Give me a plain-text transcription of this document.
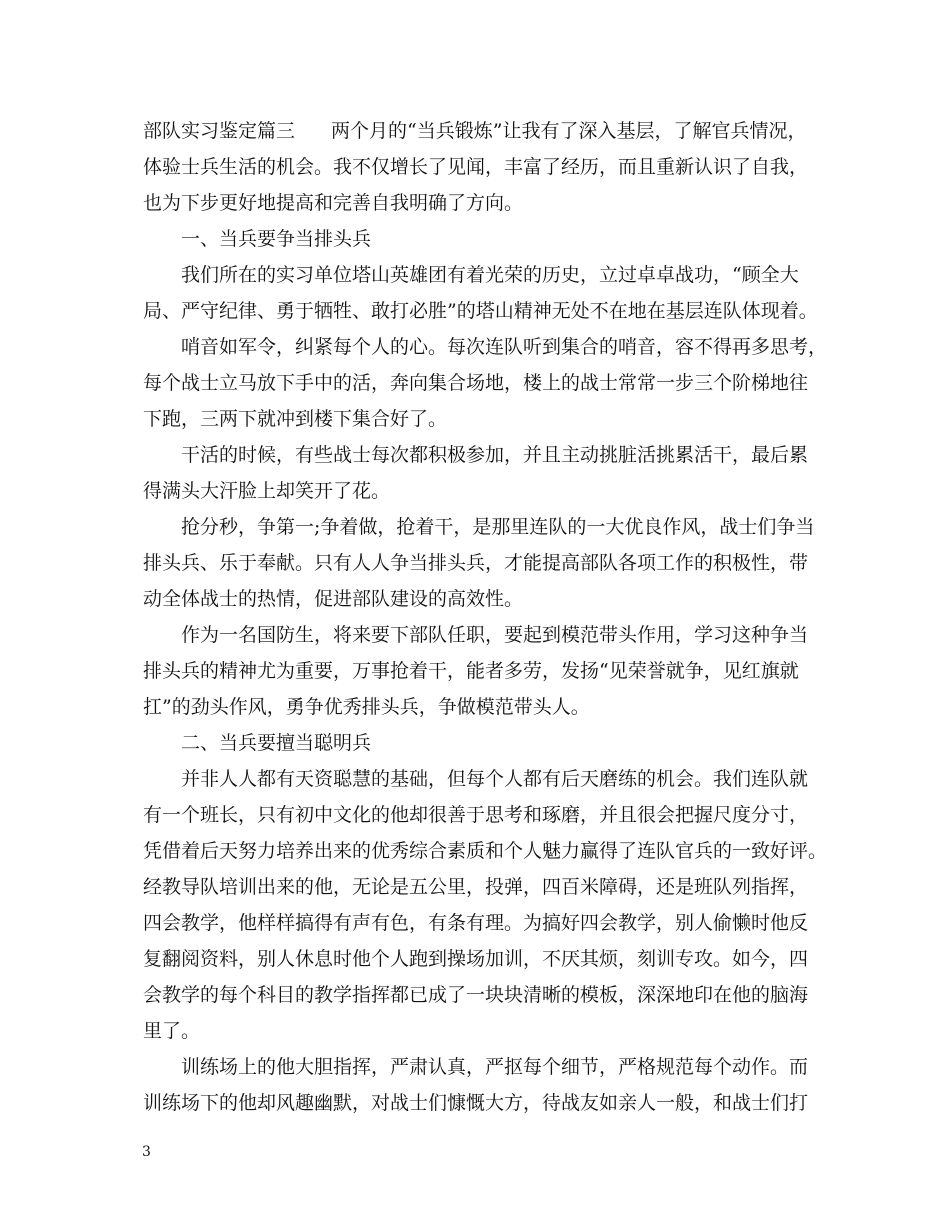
部队实习鉴定篇三 两个月的“当兵锻炼”让我有了深入基层，了解官兵情况，
体验士兵生活的机会。我不仅增长了见闻，丰富了经历，而且重新认识了自我，
也为下步更好地提高和完善自我明确了方向。
一、当兵要争当排头兵
我们所在的实习单位塔山英雄团有着光荣的历史，立过卓卓战功，“顾全大
局、严守纪律、勇于牺牲、敢打必胜”的塔山精神无处不在地在基层连队体现着。
哨音如军令，纠紧每个人的心。每次连队听到集合的哨音，容不得再多思考，
每个战士立马放下手中的活，奔向集合场地，楼上的战士常常一步三个阶梯地往
下跑，三两下就冲到楼下集合好了。
干活的时候，有些战士每次都积极参加，并且主动挑脏活挑累活干，最后累
得满头大汗脸上却笑开了花。
抢分秒，争第一;争着做，抢着干，是那里连队的一大优良作风，战士们争当
排头兵、乐于奉献。只有人人争当排头兵，才能提高部队各项工作的积极性，带
动全体战士的热情，促进部队建设的高效性。
作为一名国防生，将来要下部队任职，要起到模范带头作用，学习这种争当
排头兵的精神尤为重要，万事抢着干，能者多劳，发扬“见荣誉就争，见红旗就
扛”的劲头作风，勇争优秀排头兵，争做模范带头人。
二、当兵要擅当聪明兵
并非人人都有天资聪慧的基础，但每个人都有后天磨练的机会。我们连队就
有一个班长，只有初中文化的他却很善于思考和琢磨，并且很会把握尺度分寸，
凭借着后天努力培养出来的优秀综合素质和个人魅力赢得了连队官兵的一致好评。
经教导队培训出来的他，无论是五公里，投弹，四百米障碍，还是班队列指挥，
四会教学，他样样搞得有声有色，有条有理。为搞好四会教学，别人偷懒时他反
复翻阅资料，别人休息时他个人跑到操场加训，不厌其烦，刻训专攻。如今，四
会教学的每个科目的教学指挥都已成了一块块清晰的模板，深深地印在他的脑海
里了。
训练场上的他大胆指挥，严肃认真，严抠每个细节，严格规范每个动作。而
训练场下的他却风趣幽默，对战士们慷慨大方，待战友如亲人一般，和战士们打
3
